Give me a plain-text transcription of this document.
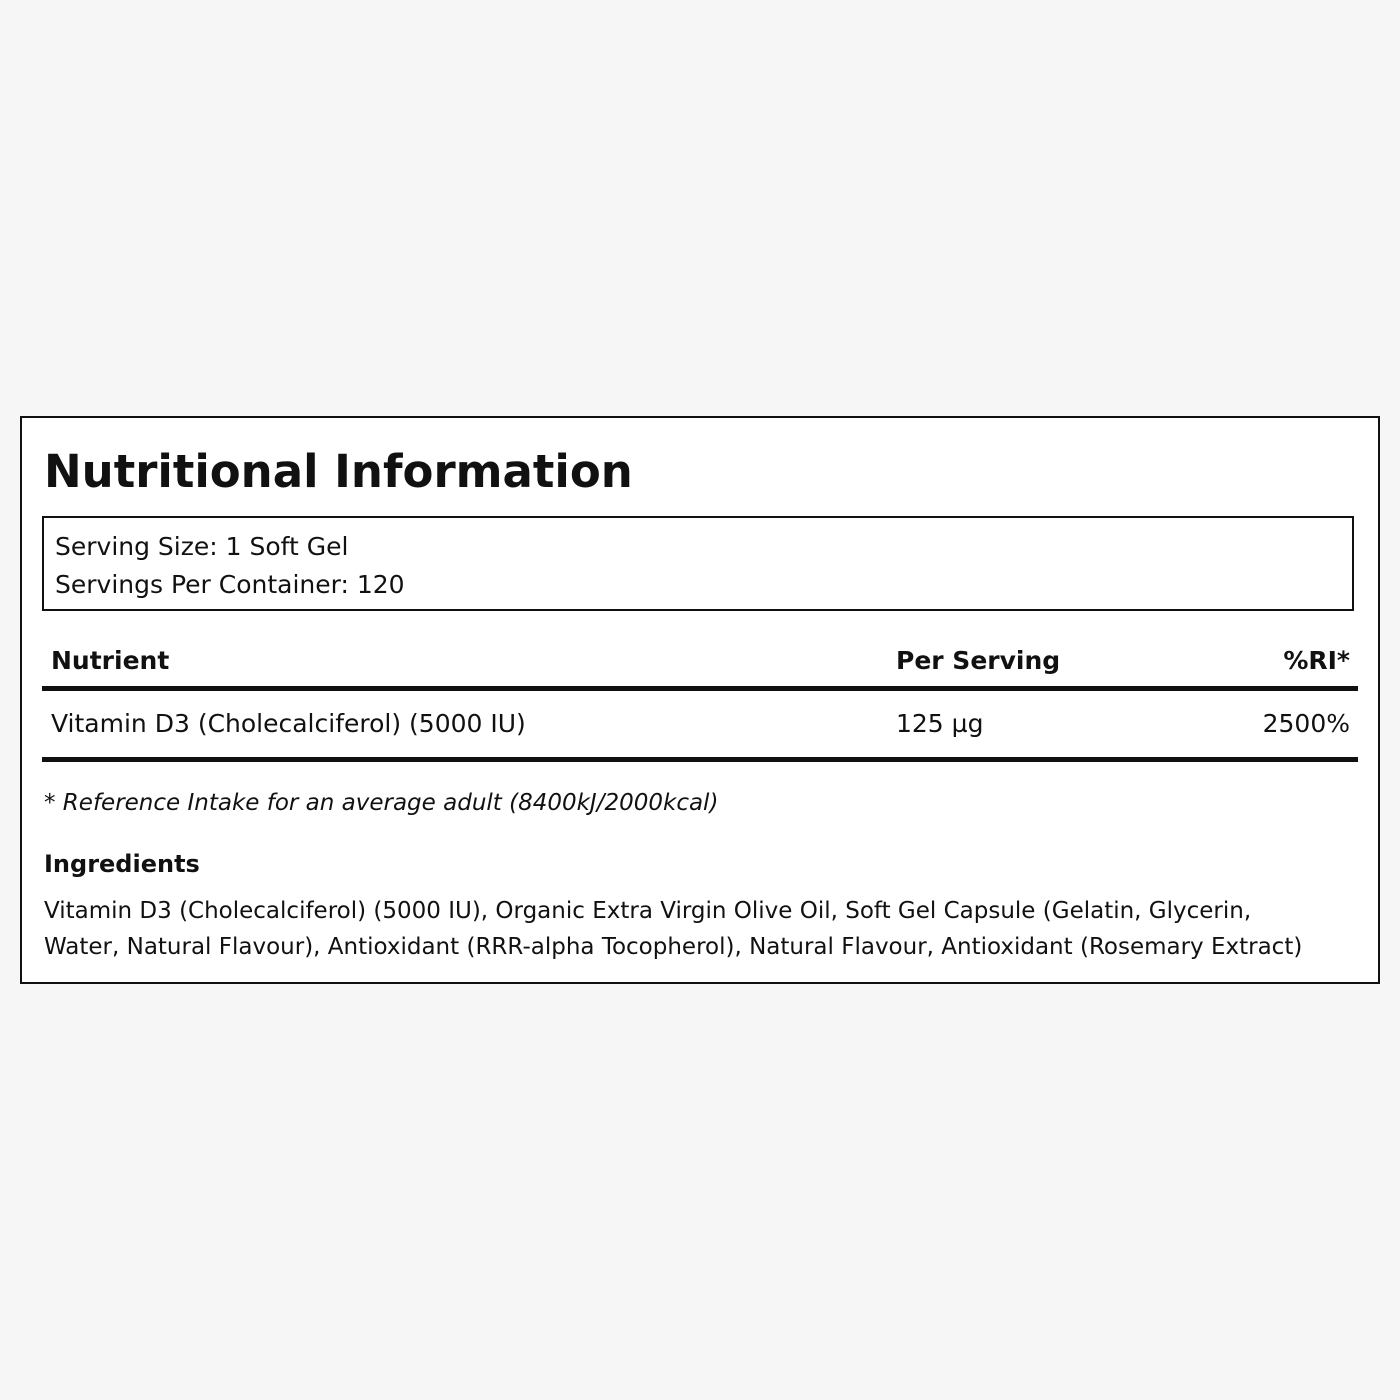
Nutritional Information
Serving Size: 1 Soft Gel
Servings Per Container: 120
Nutrient	Per Serving	%RI*
Vitamin D3 (Cholecalciferol) (5000 IU)	125 µg	2500%
* Reference Intake for an average adult (8400kJ/2000kcal)
Ingredients
Vitamin D3 (Cholecalciferol) (5000 IU), Organic Extra Virgin Olive Oil, Soft Gel Capsule (Gelatin, Glycerin,
Water, Natural Flavour), Antioxidant (RRR-alpha Tocopherol), Natural Flavour, Antioxidant (Rosemary Extract)
